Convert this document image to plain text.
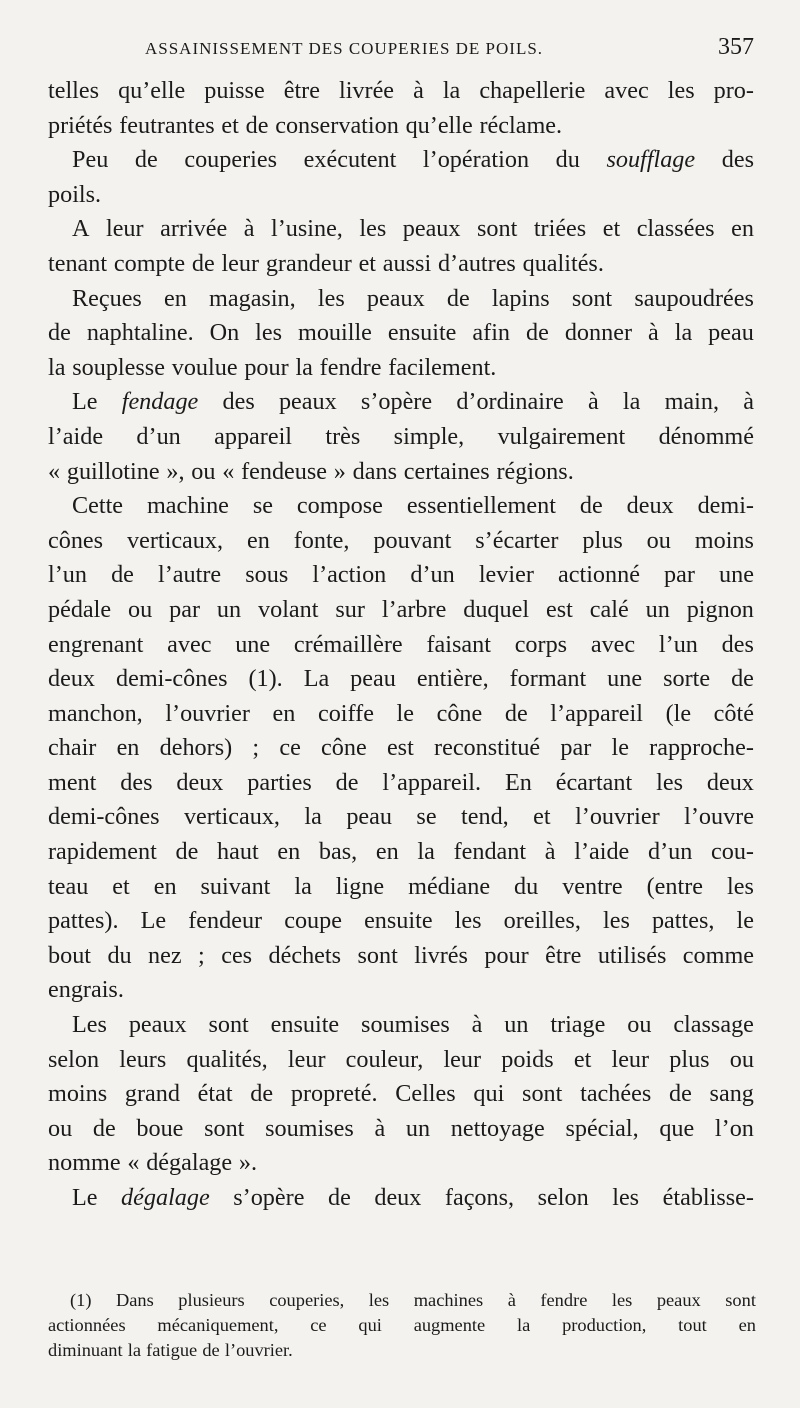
ASSAINISSEMENT DES COUPERIES DE POILS.	357
telles qu’elle puisse être livrée à la chapellerie avec les pro-
priétés feutrantes et de conservation qu’elle réclame.
Peu de couperies exécutent l’opération du soufflage des
poils.
A leur arrivée à l’usine, les peaux sont triées et classées en
tenant compte de leur grandeur et aussi d’autres qualités.
Reçues en magasin, les peaux de lapins sont saupoudrées
de naphtaline. On les mouille ensuite afin de donner à la peau
la souplesse voulue pour la fendre facilement.
Le fendage des peaux s’opère d’ordinaire à la main, à
l’aide d’un appareil très simple, vulgairement dénommé
« guillotine », ou « fendeuse » dans certaines régions.
Cette machine se compose essentiellement de deux demi-
cônes verticaux, en fonte, pouvant s’écarter plus ou moins
l’un de l’autre sous l’action d’un levier actionné par une
pédale ou par un volant sur l’arbre duquel est calé un pignon
engrenant avec une crémaillère faisant corps avec l’un des
deux demi-cônes (1). La peau entière, formant une sorte de
manchon, l’ouvrier en coiffe le cône de l’appareil (le côté
chair en dehors) ; ce cône est reconstitué par le rapproche-
ment des deux parties de l’appareil. En écartant les deux
demi-cônes verticaux, la peau se tend, et l’ouvrier l’ouvre
rapidement de haut en bas, en la fendant à l’aide d’un cou-
teau et en suivant la ligne médiane du ventre (entre les
pattes). Le fendeur coupe ensuite les oreilles, les pattes, le
bout du nez ; ces déchets sont livrés pour être utilisés comme
engrais.
Les peaux sont ensuite soumises à un triage ou classage
selon leurs qualités, leur couleur, leur poids et leur plus ou
moins grand état de propreté. Celles qui sont tachées de sang
ou de boue sont soumises à un nettoyage spécial, que l’on
nomme « dégalage ».
Le dégalage s’opère de deux façons, selon les établisse-
(1) Dans plusieurs couperies, les machines à fendre les peaux sont
actionnées mécaniquement, ce qui augmente la production, tout en
diminuant la fatigue de l’ouvrier.
